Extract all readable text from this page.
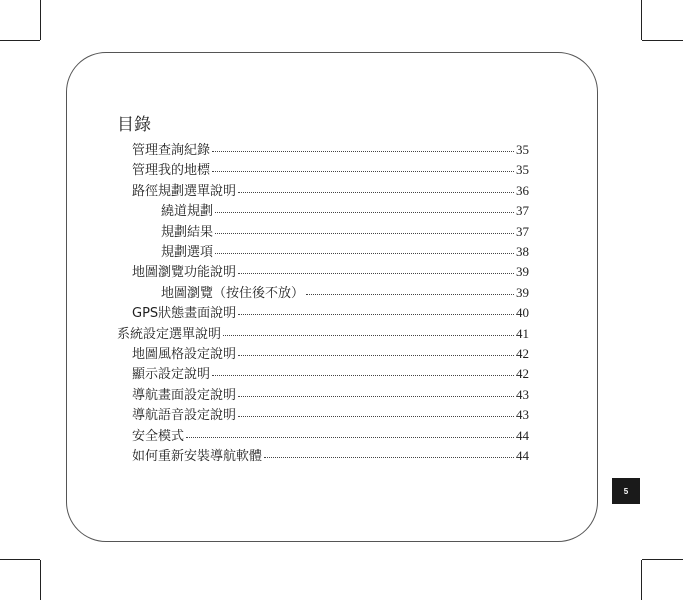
目錄
管理查詢紀錄	35
管理我的地標	35
路徑規劃選單說明	36
繞道規劃	37
規劃結果	37
規劃選項	38
地圖瀏覽功能說明	39
地圖瀏覽（按住後不放）	39
GPS狀態畫面說明	40
系統設定選單說明	41
地圖風格設定說明	42
顯示設定說明	42
導航畫面設定說明	43
導航語音設定說明	43
安全模式	44
如何重新安裝導航軟體	44
5
